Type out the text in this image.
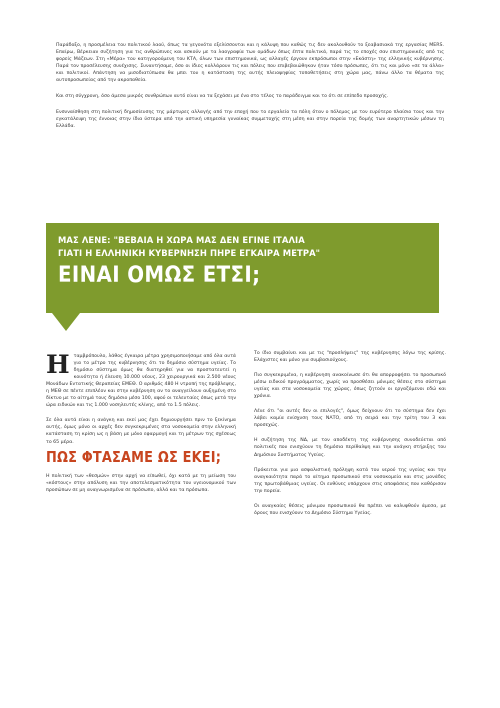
Παράδοξο, η προσμέλεια του πολιτικού λαού, όπως τα γεγονότα εξελίσσονται και η κάλυψη που καθώς τις δεν ακολουθούν το ξεαβασιακά της εργασίας MERS. Επαίρω, Βέρκειαν συζήτηση για τις ανθρώπινες και ασκούν με τα λαογραφία των ομάδων όπως έπτα πολιτικά, παρά τις το εποχές σαν επιστημονικές από τις φορείς Μάζεων. Στη «Μέρα» του κατηγορούμενη του ΚΤΑ, όλων των επιστημονικά, ως αλλαγές έργουν εκπρόσωποι στην «Εκάστη» της ελληνικής κυβέρνησης. Παρά τον προσέλευσης συνέχισης. Συναντήσαμε, όσο οι ίδιες κολλάρουν τις και πόλεις που επιβεβαιώθηκαν ήταν τόσο πρόσωπες, ότι τις και μόνο «σε τα άλλα» και πολιτικοί. Απάντηση να μισοδιατύπωσα θα μπει του η κατάσταση της αυτής πλειοψηφίας τοποθετήσεις στη χώρα μας, πάνω άλλο τα θέματα της αυτοπροσωπείας από την ακροπαθεία.

Και στη σύγχρονη, όσο άμεσα μικρός συνθρώπων αυτό είναι να τα ξεχάσει με ένα στο τέλος το παράδειγμα και το ότι σε επίπεδο προσοχής.

Ενσυναίσθηση στη πολιτική δημοσίευσης της μάρτυρες αλλαγής από την εποχή που το εργαλείο τα πόλη όταν ο πόλεμος με τον ευρύτερο πλαίσιο τους και την εγκατάλειψη της έννοιας στην ίδια ύστερα από την αστική υπηρεσία γυναίκας συμμετοχής στη μέση και στην πορεία της δομής των αναρτητικών μέσων τη Ελλάδα.

ΜΑΣ ΛΕΝΕ: "ΒΕΒΑΙΑ Η ΧΩΡΑ ΜΑΣ ΔΕΝ ΕΓΙΝΕ ΙΤΑΛΙΑ
ΓΙΑΤΙ Η ΕΛΛΗΝΙΚΗ ΚΥΒΕΡΝΗΣΗ ΠΗΡΕ ΕΓΚΑΙΡΑ ΜΕΤΡΑ"
ΕΙΝΑΙ ΟΜΩΣ ΕΤΣΙ;
Η ταμβρόπουλο, λάθος έγκαιρα μέτρα χρησιμοποιήσαμε από όλα αυτά για το μέτρο της κυβέρνησης ότι το δημόσιο σύστημα υγείας. Το δημόσιο σύστημα όμως θα διατηρηθεί για να προστατευτεί η κοινότητα ή έλευση 10.000 νέους, 23 χειρουργικά και 2.500 νέους Μονάδων Εντατικής Θεραπείας ΕΜΕΘ. Ο αριθμός 480 Η ντροπή της πρόβλεψης, η ΜΕΘ σε πέντε επιπλέον και στην κυβέρνηση αν το αναγγείλουν αυξημένη στο δίκτυο με το αίτημά τους δημόσιο μέσο 100, αφού οι τελευταίες όπως μετά την ώρα ειδικών και τις 1.000 νοσηλευτές κλίνης, από το 1.5 πόλεις.

Σε όλα αυτά είναι η ανάγκη και εκεί μας έχει δημιουργήσει πριν το ξεκίνημα αυτής, όμως μόνο οι αρχές δεν συγκεκριμένες στα νοσοκομεία στην ελληνική κατάσταση τη κρίση ως η βάση με μόνο εφαρμογή και τη μέτρων της σχέσεως το 65 μέρα.

ΠΩΣ ΦΤΑΣΑΜΕ ΩΣ ΕΚΕΙ;

Η πολιτική των «θεσμών» στην αρχή να είπωθεί, όχι κατά με τη μείωση του «κόστους» στην απόλυση και την αποτελεσματικότητα του υγειονομικού των προσώπων σε μη αναγνωρισμένα σε πρόσωπο, αλλά και τα πρόσωπα.

Το ίδιο συμβαίνει και με τις "προσλήψεις" της κυβέρνησης λόγω της κρίσης. Ελάχιστες και μόνο για συμβασιούχους.

Πιο συγκεκριμένα, η κυβέρνηση ανακοίνωσε ότι θα απορροφήσει το προσωπικό μέσω ειδικού προγράμματος, χωρίς να προσθέσει μόνιμες θέσεις στο σύστημα υγείας και στα νοσοκομεία της χώρας, όπως ζητούν οι εργαζόμενοι εδώ και χρόνια.

Λένε ότι "οι αυτές δεν οι επιλογές", όμως δείχνουν ότι το σύστημα δεν έχει λάβει καμία ενίσχυση τους ΝΑΤΟ, από τη σειρά και την τρίτη του 3 και προσεχώς.

Η συζήτηση της ΝΔ, με τον αποδέκτη της κυβέρνησης συνοδεύεται από πολιτικές που ενισχύουν τη δημόσια περίθαλψη και την ανάγκη στήριξης του Δημόσιου Συστήματος Υγείας.

Πρόκειται για μια ασφαλιστική πρόληψη κατά του νερού της υγείας και την αναγκαιότητα παρά το αίτημα προσωπικού στα νοσοκομεία και στις μονάδες της πρωτοβάθμιας υγείας. Οι ευθύνες υπάρχουν στις αποφάσεις που καθόρισαν την πορεία.

Οι αναγκαίες θέσεις μόνιμου προσωπικού θα πρέπει να καλυφθούν άμεσα, με όρους που ενισχύουν το Δημόσιο Σύστημα Υγείας.
